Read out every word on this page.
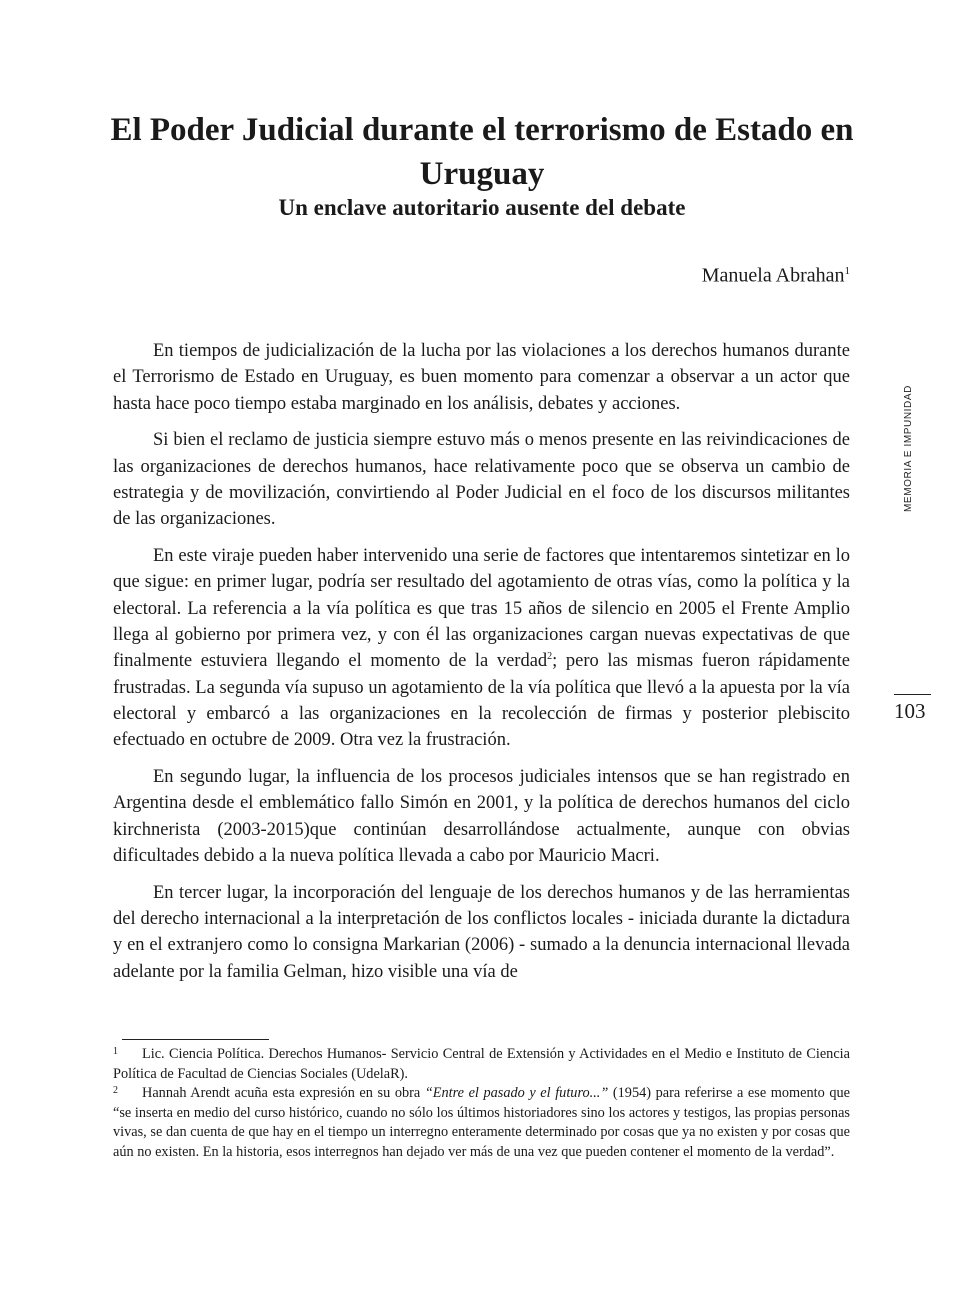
El Poder Judicial durante el terrorismo de Estado en Uruguay
Un enclave autoritario ausente del debate
Manuela Abrahan$^1$
MEMORIA E IMPUNIDAD
103

En tiempos de judicialización de la lucha por las violaciones a los derechos humanos durante el Terrorismo de Estado en Uruguay, es buen momento para comenzar a observar a un actor que hasta hace poco tiempo estaba marginado en los análisis, debates y acciones.

Si bien el reclamo de justicia siempre estuvo más o menos presente en las reivindicaciones de las organizaciones de derechos humanos, hace relativamente poco que se observa un cambio de estrategia y de movilización, convirtiendo al Poder Judicial en el foco de los discursos militantes de las organizaciones.

En este viraje pueden haber intervenido una serie de factores que intentaremos sintetizar en lo que sigue: en primer lugar, podría ser resultado del agotamiento de otras vías, como la política y la electoral. La referencia a la vía política es que tras 15 años de silencio en 2005 el Frente Amplio llega al gobierno por primera vez, y con él las organizaciones cargan nuevas expectativas de que finalmente estuviera llegando el momento de la verdad$^2$; pero las mismas fueron rápidamente frustradas. La segunda vía supuso un agotamiento de la vía política que llevó a la apuesta por la vía electoral y embarcó a las organizaciones en la recolección de firmas y posterior plebiscito efectuado en octubre de 2009. Otra vez la frustración.

En segundo lugar, la influencia de los procesos judiciales intensos que se han registrado en Argentina desde el emblemático fallo Simón en 2001, y la política de derechos humanos del ciclo kirchnerista (2003-2015)que continúan desarrollándose actualmente, aunque con obvias dificultades debido a la nueva política llevada a cabo por Mauricio Macri.

En tercer lugar, la incorporación del lenguaje de los derechos humanos y de las herramientas del derecho internacional a la interpretación de los conflictos locales - iniciada durante la dictadura y en el extranjero como lo consigna Markarian (2006) - sumado a la denuncia internacional llevada adelante por la familia Gelman, hizo visible una vía de

1	Lic. Ciencia Política. Derechos Humanos- Servicio Central de Extensión y Actividades en el Medio e Instituto de Ciencia Política de Facultad de Ciencias Sociales (UdelaR).

2	Hannah Arendt acuña esta expresión en su obra “Entre el pasado y el futuro...” (1954) para referirse a ese momento que “se inserta en medio del curso histórico, cuando no sólo los últimos historiadores sino los actores y testigos, las propias personas vivas, se dan cuenta de que hay en el tiempo un interregno enteramente determinado por cosas que ya no existen y por cosas que aún no existen. En la historia, esos interregnos han dejado ver más de una vez que pueden contener el momento de la verdad”.
